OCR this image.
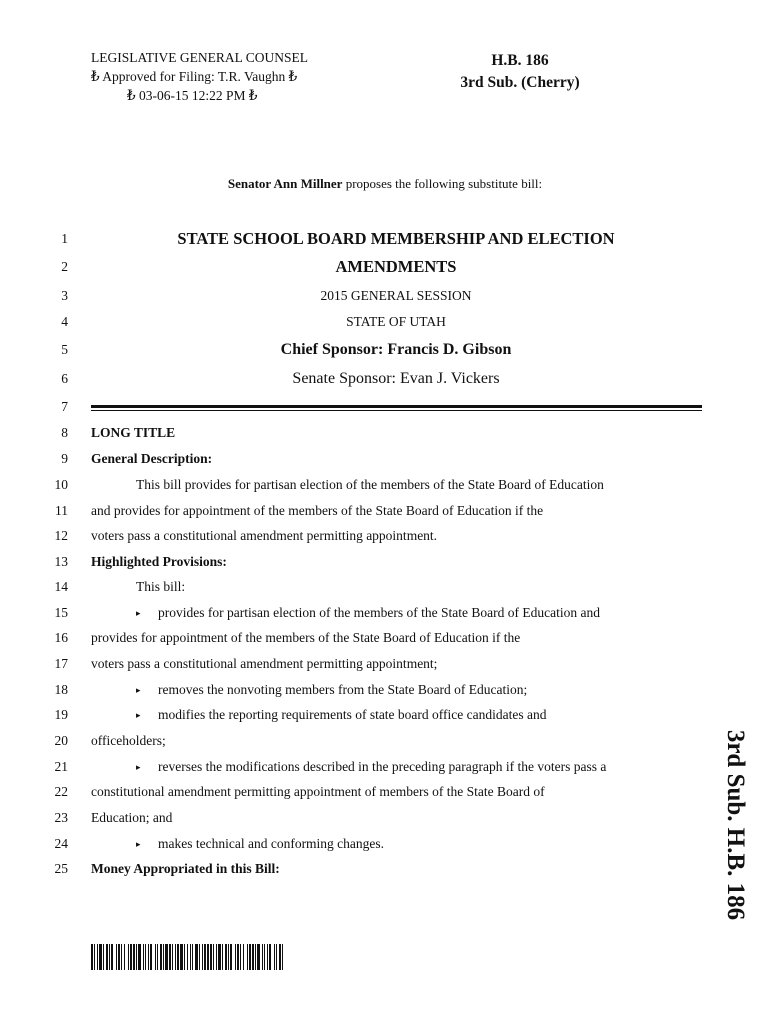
LEGISLATIVE GENERAL COUNSEL
₺ Approved for Filing: T.R. Vaughn ₺
₺ 03-06-15 12:22 PM ₺
H.B. 186
3rd Sub. (Cherry)
Senator Ann Millner proposes the following substitute bill:
1
2
3
4
5
6
7
8
9
10
11
12
13
14
15
16
17
18
19
20
21
22
23
24
25
STATE SCHOOL BOARD MEMBERSHIP AND ELECTION
AMENDMENTS
2015 GENERAL SESSION
STATE OF UTAH
Chief Sponsor: Francis D. Gibson
Senate Sponsor: Evan J. Vickers
LONG TITLE
General Description:
This bill provides for partisan election of the members of the State Board of Education
and provides for appointment of the members of the State Board of Education if the
voters pass a constitutional amendment permitting appointment.
Highlighted Provisions:
This bill:
▸ provides for partisan election of the members of the State Board of Education and
provides for appointment of the members of the State Board of Education if the
voters pass a constitutional amendment permitting appointment;
▸ removes the nonvoting members from the State Board of Education;
▸ modifies the reporting requirements of state board office candidates and
officeholders;
▸ reverses the modifications described in the preceding paragraph if the voters pass a
constitutional amendment permitting appointment of members of the State Board of
Education; and
▸ makes technical and conforming changes.
Money Appropriated in this Bill:	3rd Sub. H.B. 186
